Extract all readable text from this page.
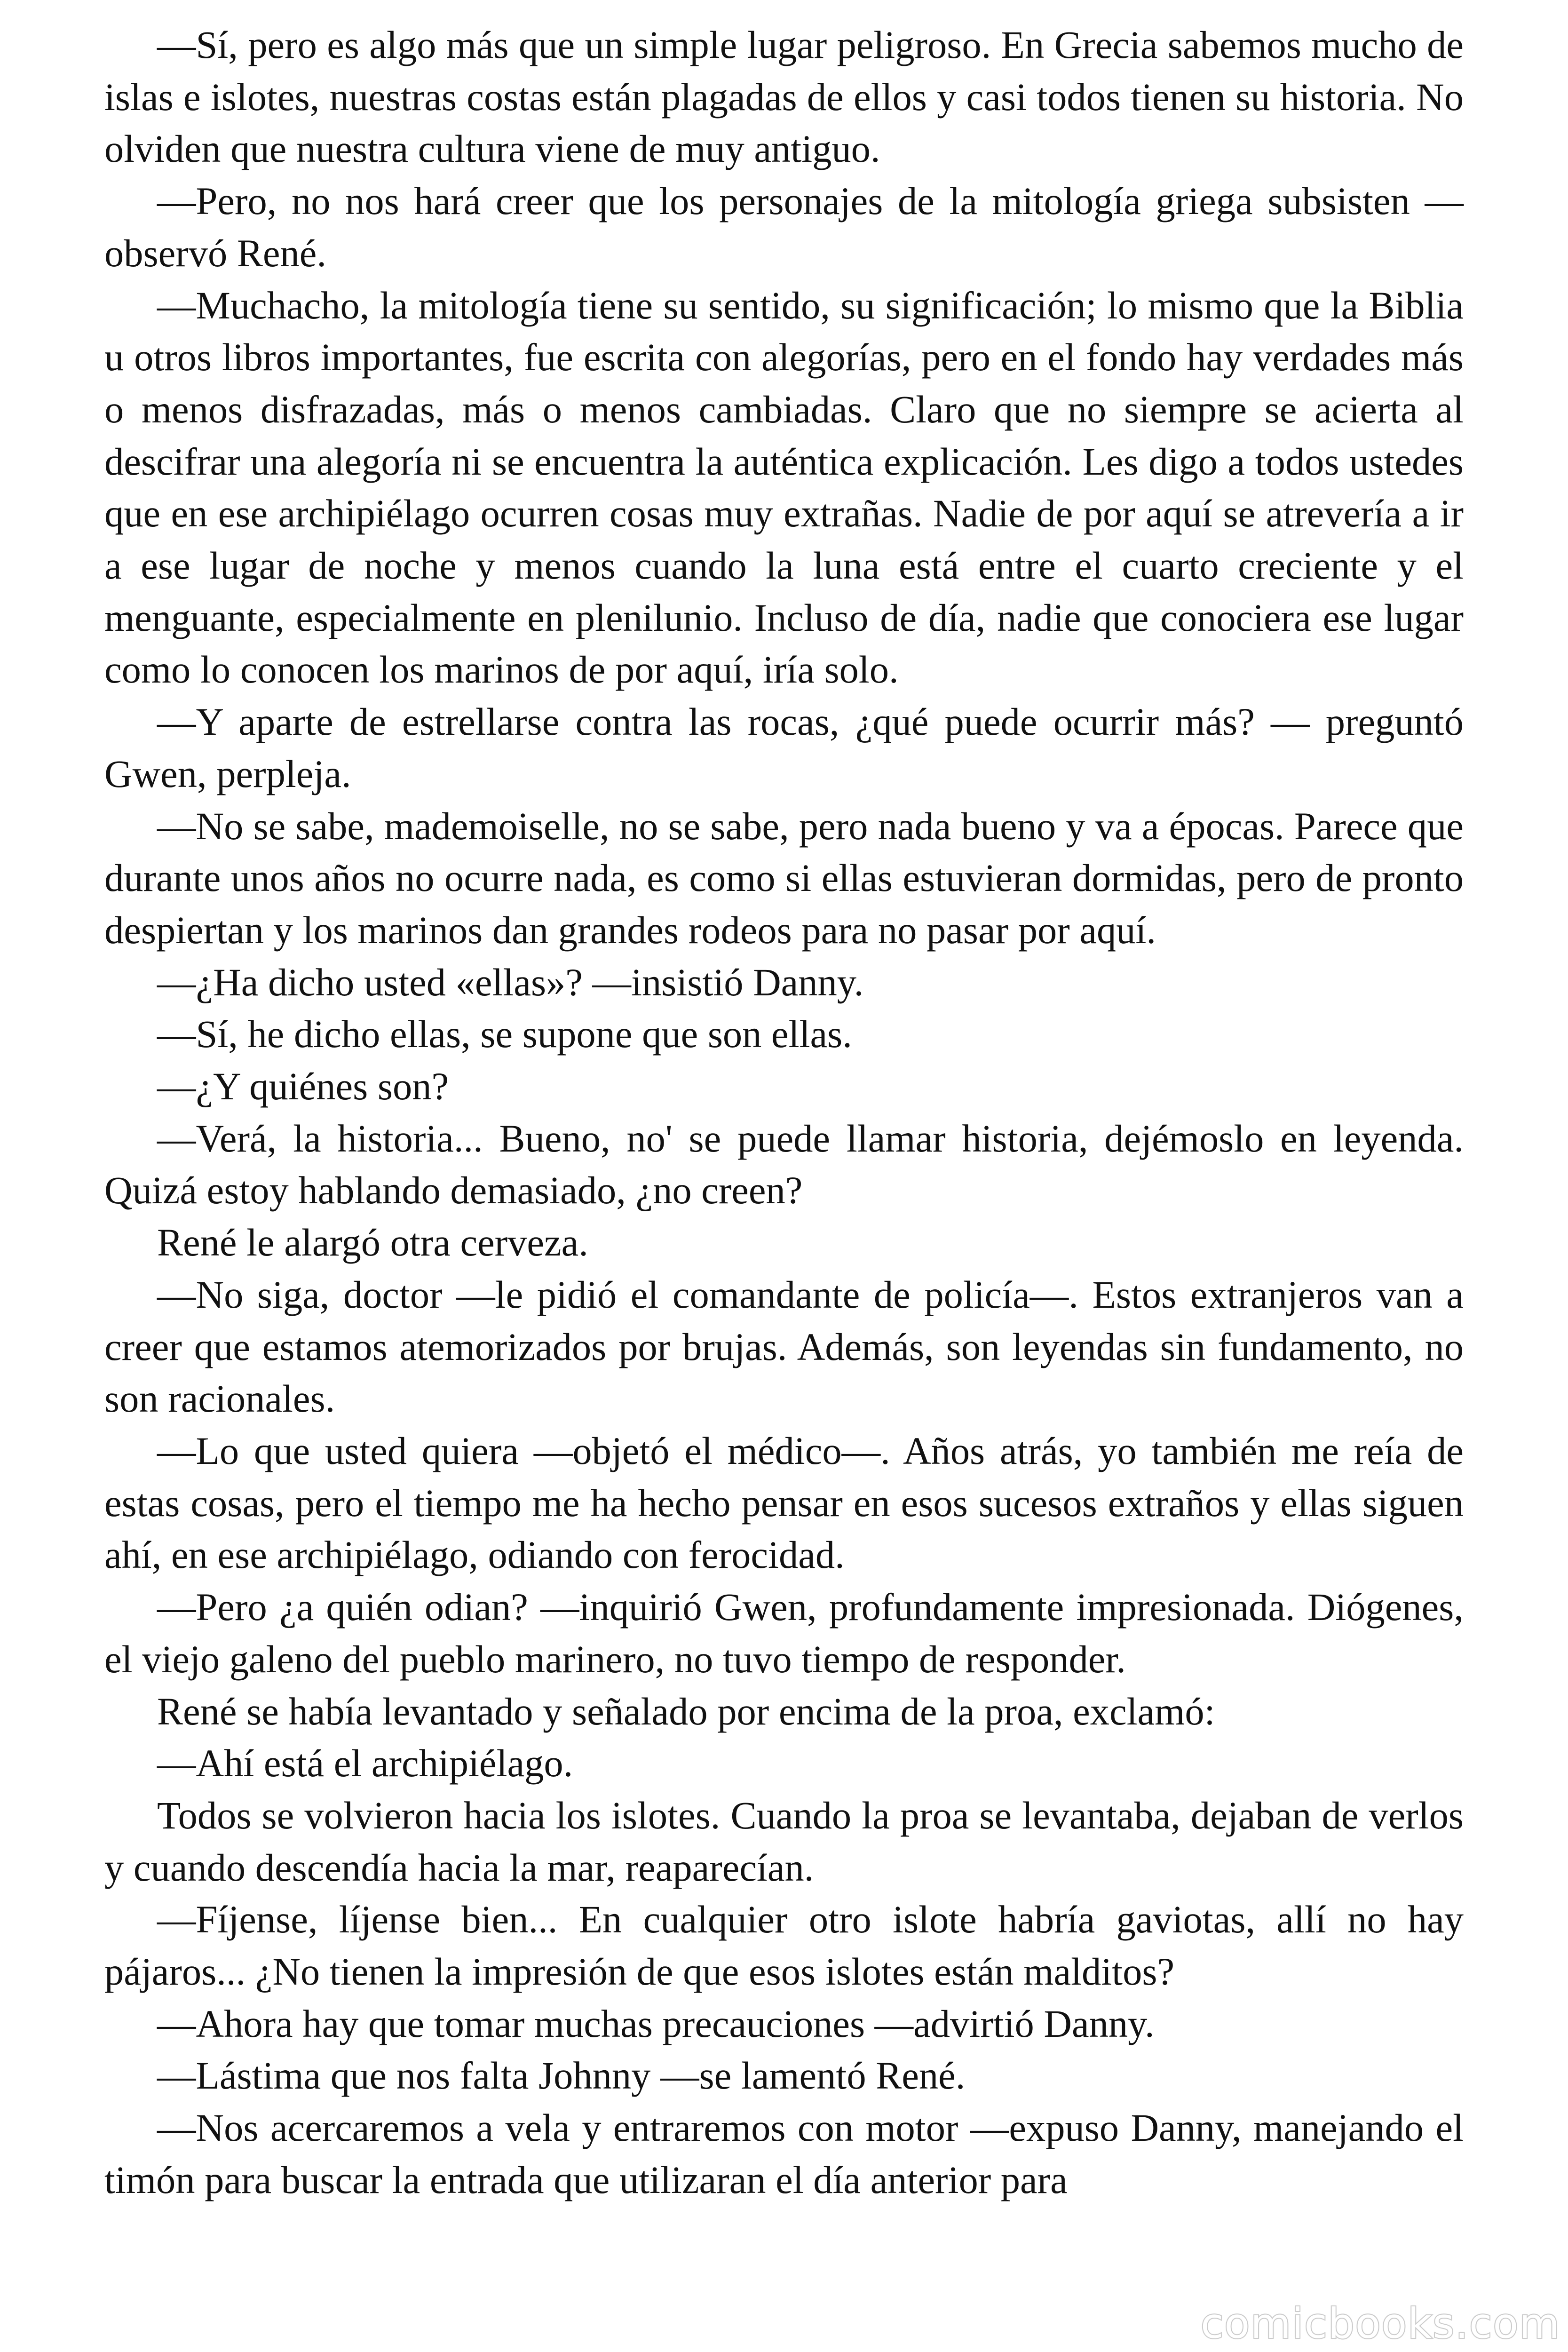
—Sí, pero es algo más que un simple lugar peligroso. En Grecia sabemos mucho de islas e islotes, nuestras costas están plagadas de ellos y casi todos tienen su historia. No olviden que nuestra cultura viene de muy antiguo.

—Pero, no nos hará creer que los personajes de la mitología griega subsisten — observó René.

—Muchacho, la mitología tiene su sentido, su significación; lo mismo que la Biblia u otros libros importantes, fue escrita con alegorías, pero en el fondo hay verdades más o menos disfrazadas, más o menos cambiadas. Claro que no siempre se acierta al descifrar una alegoría ni se encuentra la auténtica explicación. Les digo a todos ustedes que en ese archipiélago ocurren cosas muy extrañas. Nadie de por aquí se atrevería a ir a ese lugar de noche y menos cuando la luna está entre el cuarto creciente y el menguante, especialmente en plenilunio. Incluso de día, nadie que conociera ese lugar como lo conocen los marinos de por aquí, iría solo.

—Y aparte de estrellarse contra las rocas, ¿qué puede ocurrir más? — preguntó Gwen, perpleja.

—No se sabe, mademoiselle, no se sabe, pero nada bueno y va a épocas. Parece que durante unos años no ocurre nada, es como si ellas estuvieran dormidas, pero de pronto despiertan y los marinos dan grandes rodeos para no pasar por aquí.

—¿Ha dicho usted «ellas»? —insistió Danny.

—Sí, he dicho ellas, se supone que son ellas.

—¿Y quiénes son?

—Verá, la historia... Bueno, no' se puede llamar historia, dejémoslo en leyenda. Quizá estoy hablando demasiado, ¿no creen?

René le alargó otra cerveza.

—No siga, doctor —le pidió el comandante de policía—. Estos extranjeros van a creer que estamos atemorizados por brujas. Además, son leyendas sin fundamento, no son racionales.

—Lo que usted quiera —objetó el médico—. Años atrás, yo también me reía de estas cosas, pero el tiempo me ha hecho pensar en esos sucesos extraños y ellas siguen ahí, en ese archipiélago, odiando con ferocidad.

—Pero ¿a quién odian? —inquirió Gwen, profundamente impresionada. Diógenes, el viejo galeno del pueblo marinero, no tuvo tiempo de responder.

René se había levantado y señalado por encima de la proa, exclamó:

—Ahí está el archipiélago.

Todos se volvieron hacia los islotes. Cuando la proa se levantaba, dejaban de verlos y cuando descendía hacia la mar, reaparecían.

—Fíjense, líjense bien... En cualquier otro islote habría gaviotas, allí no hay pájaros... ¿No tienen la impresión de que esos islotes están malditos?

—Ahora hay que tomar muchas precauciones —advirtió Danny.

—Lástima que nos falta Johnny —se lamentó René.

—Nos acercaremos a vela y entraremos con motor —expuso Danny, manejando el timón para buscar la entrada que utilizaran el día anterior para

comicbooks.com
